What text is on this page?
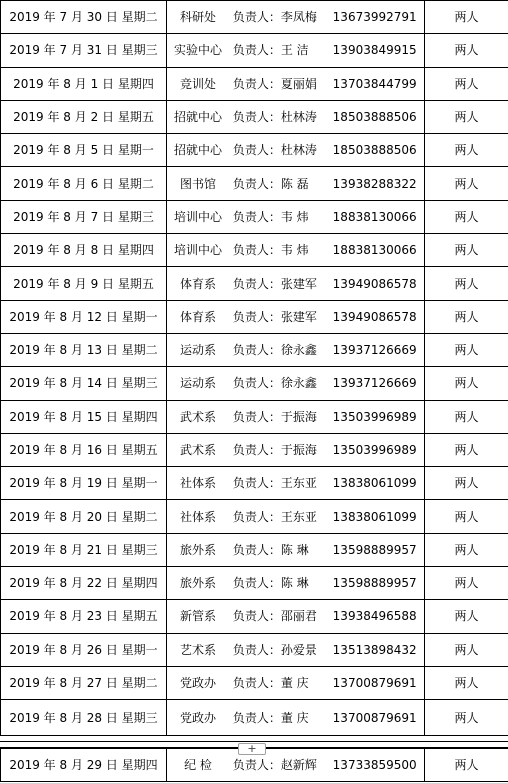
2019 年 7 月 30 日 星期二	科研处 负责人：李凤梅 13673992791	两人
2019 年 7 月 31 日 星期三	实验中心 负责人：王 洁 13903849915	两人
2019 年 8 月 1 日 星期四	竞训处 负责人：夏丽娟 13703844799	两人
2019 年 8 月 2 日 星期五	招就中心 负责人：杜林涛 18503888506	两人
2019 年 8 月 5 日 星期一	招就中心 负责人：杜林涛 18503888506	两人
2019 年 8 月 6 日 星期二	图书馆 负责人：陈 磊 13938288322	两人
2019 年 8 月 7 日 星期三	培训中心 负责人：韦 炜 18838130066	两人
2019 年 8 月 8 日 星期四	培训中心 负责人：韦 炜 18838130066	两人
2019 年 8 月 9 日 星期五	体育系 负责人：张建军 13949086578	两人
2019 年 8 月 12 日 星期一	体育系 负责人：张建军 13949086578	两人
2019 年 8 月 13 日 星期二	运动系 负责人：徐永鑫 13937126669	两人
2019 年 8 月 14 日 星期三	运动系 负责人：徐永鑫 13937126669	两人
2019 年 8 月 15 日 星期四	武术系 负责人：于振海 13503996989	两人
2019 年 8 月 16 日 星期五	武术系 负责人：于振海 13503996989	两人
2019 年 8 月 19 日 星期一	社体系 负责人：王东亚 13838061099	两人
2019 年 8 月 20 日 星期二	社体系 负责人：王东亚 13838061099	两人
2019 年 8 月 21 日 星期三	旅外系 负责人：陈 琳 13598889957	两人
2019 年 8 月 22 日 星期四	旅外系 负责人：陈 琳 13598889957	两人
2019 年 8 月 23 日 星期五	新管系 负责人：邵丽君 13938496588	两人
2019 年 8 月 26 日 星期一	艺术系 负责人：孙爱景 13513898432	两人
2019 年 8 月 27 日 星期二	党政办 负责人：董 庆 13700879691	两人
2019 年 8 月 28 日 星期三	党政办 负责人：董 庆 13700879691	两人
2019 年 8 月 29 日 星期四	纪 检 负责人：赵新辉 13733859500	两人
+
